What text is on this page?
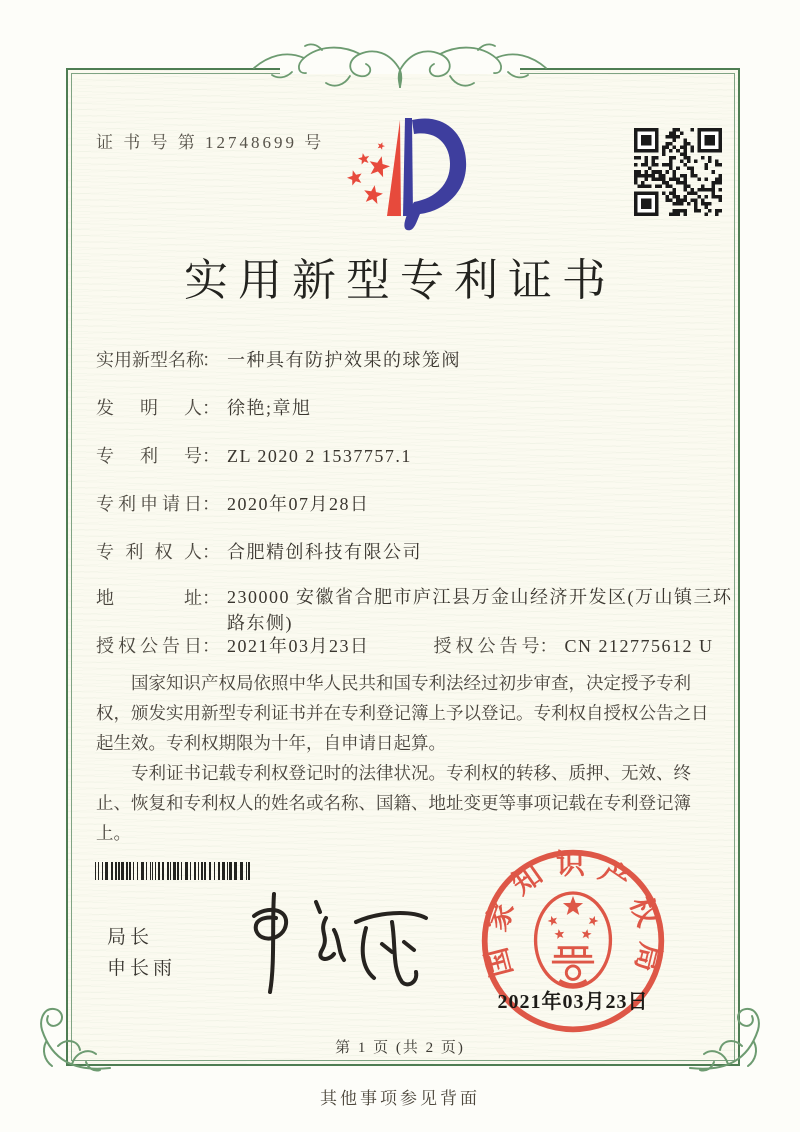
证 书 号 第 12748699 号
实用新型专利证书
实用新型名称： 一种具有防护效果的球笼阀
发明人： 徐艳;章旭
专利号： ZL 2020 2 1537757.1
专利申请日： 2020年07月28日
专利权人： 合肥精创科技有限公司
地址： 230000 安徽省合肥市庐江县万金山经济开发区(万山镇三环路东侧)
授权公告日： 2021年03月23日	授权公告号： CN 212775612 U

国家知识产权局依照中华人民共和国专利法经过初步审查，决定授予专利权，颁发实用新型专利证书并在专利登记簿上予以登记。专利权自授权公告之日起生效。专利权期限为十年，自申请日起算。

专利证书记载专利权登记时的法律状况。专利权的转移、质押、无效、终止、恢复和专利权人的姓名或名称、国籍、地址变更等事项记载在专利登记簿上。

局长
申长雨	国家知识产权局
2021年03月23日
第 1 页 (共 2 页)
其他事项参见背面
